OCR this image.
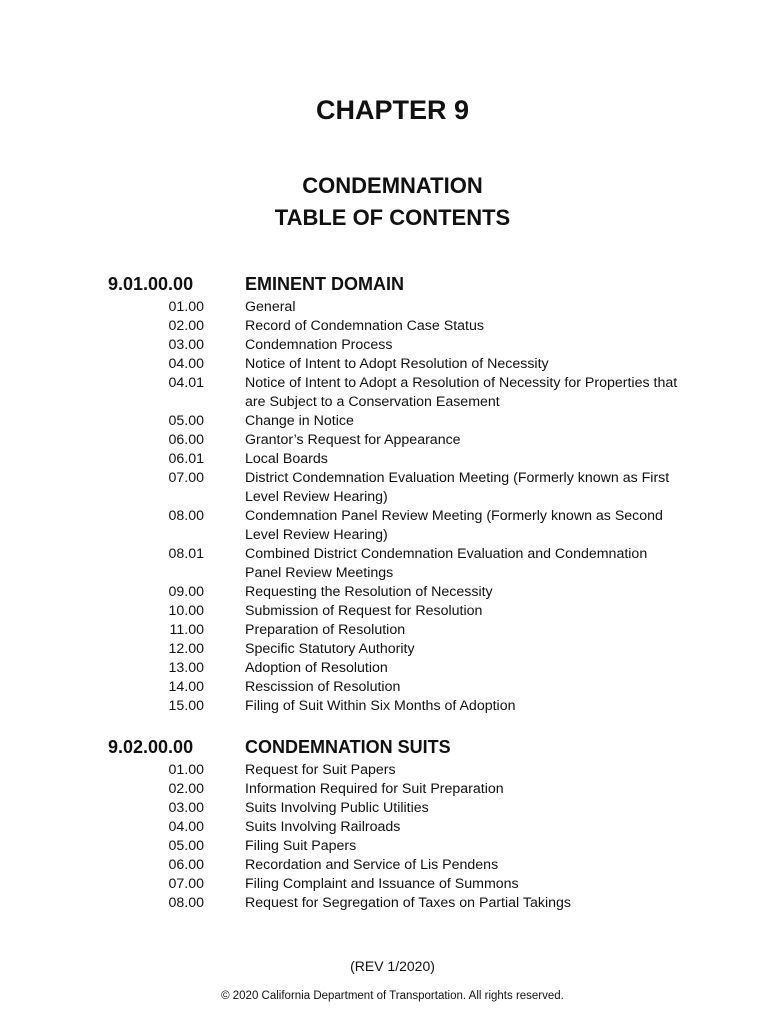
CHAPTER 9
CONDEMNATION
TABLE OF CONTENTS
9.01.00.00	EMINENT DOMAIN
01.00	General
02.00	Record of Condemnation Case Status
03.00	Condemnation Process
04.00	Notice of Intent to Adopt Resolution of Necessity
04.01	Notice of Intent to Adopt a Resolution of Necessity for Properties that are Subject to a Conservation Easement
05.00	Change in Notice
06.00	Grantor’s Request for Appearance
06.01	Local Boards
07.00	District Condemnation Evaluation Meeting (Formerly known as First Level Review Hearing)
08.00	Condemnation Panel Review Meeting (Formerly known as Second Level Review Hearing)
08.01	Combined District Condemnation Evaluation and Condemnation Panel Review Meetings
09.00	Requesting the Resolution of Necessity
10.00	Submission of Request for Resolution
11.00	Preparation of Resolution
12.00	Specific Statutory Authority
13.00	Adoption of Resolution
14.00	Rescission of Resolution
15.00	Filing of Suit Within Six Months of Adoption
9.02.00.00	CONDEMNATION SUITS
01.00	Request for Suit Papers
02.00	Information Required for Suit Preparation
03.00	Suits Involving Public Utilities
04.00	Suits Involving Railroads
05.00	Filing Suit Papers
06.00	Recordation and Service of Lis Pendens
07.00	Filing Complaint and Issuance of Summons
08.00	Request for Segregation of Taxes on Partial Takings
(REV 1/2020)
© 2020 California Department of Transportation. All rights reserved.
